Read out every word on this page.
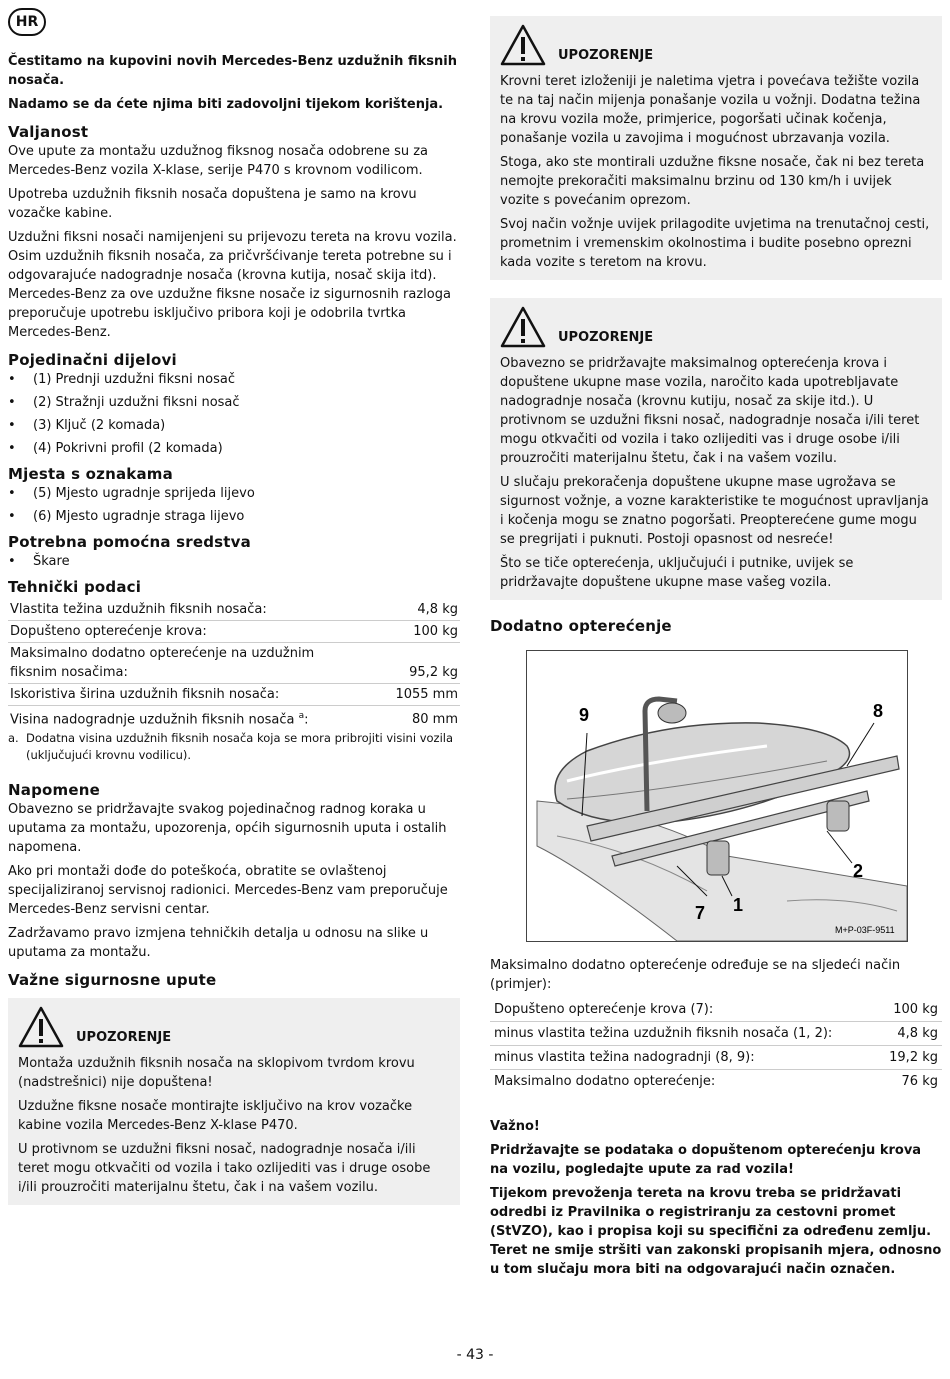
HR

Čestitamo na kupovini novih Mercedes-Benz uzdužnih fiksnih nosača.

Nadamo se da ćete njima biti zadovoljni tijekom korištenja.

Valjanost

Ove upute za montažu uzdužnog fiksnog nosača odobrene su za Mercedes-Benz vozila X-klase, serije P470 s krovnom vodilicom.

Upotreba uzdužnih fiksnih nosača dopuštena je samo na krovu vozačke kabine.

Uzdužni fiksni nosači namijenjeni su prijevozu tereta na krovu vozila. Osim uzdužnih fiksnih nosača, za pričvršćivanje tereta potrebne su i odgovarajuće nadogradnje nosača (krovna kutija, nosač skija itd). Mercedes-Benz za ove uzdužne fiksne nosače iz sigurnosnih razloga preporučuje upotrebu isključivo pribora koji je odobrila tvrtka Mercedes-Benz.

Pojedinačni dijelovi
• (1) Prednji uzdužni fiksni nosač
• (2) Stražnji uzdužni fiksni nosač
• (3) Ključ (2 komada)
• (4) Pokrivni profil (2 komada)
Mjesta s oznakama
• (5) Mjesto ugradnje sprijeda lijevo
• (6) Mjesto ugradnje straga lijevo
Potrebna pomoćna sredstva
• Škare
Tehnički podaci
Vlastita težina uzdužnih fiksnih nosača:	4,8 kg
Dopušteno opterećenje krova:	100 kg
Maksimalno dodatno opterećenje na uzdužnim fiksnim nosačima:	95,2 kg
Iskoristiva širina uzdužnih fiksnih nosača:	1055 mm
Visina nadogradnje uzdužnih fiksnih nosača $^a$:	80 mm
a. Dodatna visina uzdužnih fiksnih nosača koja se mora pribrojiti visini vozila (uključujući krovnu vodilicu).
Napomene

Obavezno se pridržavajte svakog pojedinačnog radnog koraka u uputama za montažu, upozorenja, općih sigurnosnih uputa i ostalih napomena.

Ako pri montaži dođe do poteškoća, obratite se ovlaštenoj specijaliziranoj servisnoj radionici. Mercedes-Benz vam preporučuje Mercedes-Benz servisni centar.

Zadržavamo pravo izmjena tehničkih detalja u odnosu na slike u uputama za montažu.

Važne sigurnosne upute
UPOZORENJE

Montaža uzdužnih fiksnih nosača na sklopivom tvrdom krovu (nadstrešnici) nije dopuštena!

Uzdužne fiksne nosače montirajte isključivo na krov vozačke kabine vozila Mercedes-Benz X-klase P470.

U protivnom se uzdužni fiksni nosač, nadogradnje nosača i/ili teret mogu otkvačiti od vozila i tako ozlijediti vas i druge osobe i/ili prouzročiti materijalnu štetu, čak i na vašem vozilu.

UPOZORENJE

Krovni teret izloženiji je naletima vjetra i povećava težište vozila te na taj način mijenja ponašanje vozila u vožnji. Dodatna težina na krovu vozila može, primjerice, pogoršati učinak kočenja, ponašanje vozila u zavojima i mogućnost ubrzavanja vozila.

Stoga, ako ste montirali uzdužne fiksne nosače, čak ni bez tereta nemojte prekoračiti maksimalnu brzinu od 130 km/h i uvijek vozite s povećanim oprezom.

Svoj način vožnje uvijek prilagodite uvjetima na trenutačnoj cesti, prometnim i vremenskim okolnostima i budite posebno oprezni kada vozite s teretom na krovu.

UPOZORENJE

Obavezno se pridržavajte maksimalnog opterećenja krova i dopuštene ukupne mase vozila, naročito kada upotrebljavate nadogradnje nosača (krovnu kutiju, nosač za skije itd.). U protivnom se uzdužni fiksni nosač, nadogradnje nosača i/ili teret mogu otkvačiti od vozila i tako ozlijediti vas i druge osobe i/ili prouzročiti materijalnu štetu, čak i na vašem vozilu.

U slučaju prekoračenja dopuštene ukupne mase ugrožava se sigurnost vožnje, a vozne karakteristike te mogućnost upravljanja i kočenja mogu se znatno pogoršati. Preopterećene gume mogu se pregrijati i puknuti. Postoji opasnost od nesreće!

Što se tiče opterećenja, uključujući i putnike, uvijek se pridržavajte dopuštene ukupne mase vašeg vozila.

Dodatno opterećenje
9	8
2
7 1
M+P-03F-9511

Maksimalno dodatno opterećenje određuje se na sljedeći način (primjer):

Dopušteno opterećenje krova (7):	100 kg
minus vlastita težina uzdužnih fiksnih nosača (1, 2):	4,8 kg
minus vlastita težina nadogradnji (8, 9):	19,2 kg
Maksimalno dodatno opterećenje:	76 kg

Važno!

Pridržavajte se podataka o dopuštenom opterećenju krova na vozilu, pogledajte upute za rad vozila!

Tijekom prevoženja tereta na krovu treba se pridržavati odredbi iz Pravilnika o registriranju za cestovni promet (StVZO), kao i propisa koji su specifični za određenu zemlju. Teret ne smije stršiti van zakonski propisanih mjera, odnosno u tom slučaju mora biti na odgovarajući način označen.

- 43 -
